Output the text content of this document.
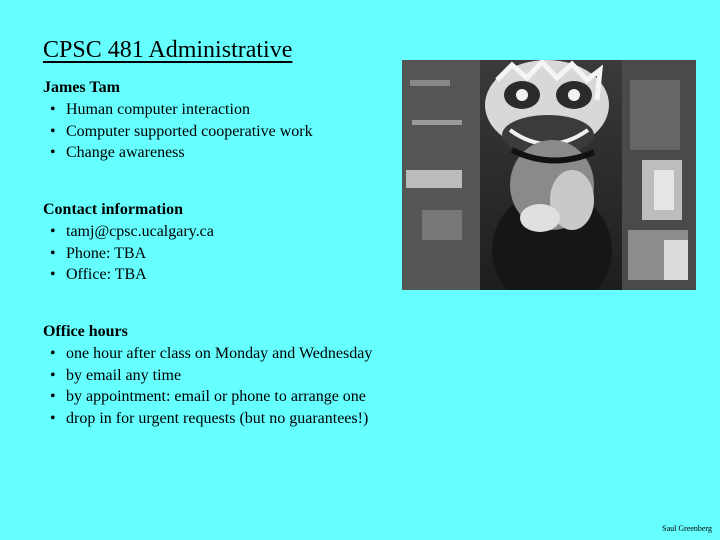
CPSC 481 Administrative
James Tam
• Human computer interaction
• Computer supported cooperative work
• Change awareness
Contact information
• tamj@cpsc.ucalgary.ca
• Phone: TBA
• Office: TBA
Office hours
• one hour after class on Monday and Wednesday
• by email any time
• by appointment: email or phone to arrange one
• drop in for urgent requests (but no guarantees!)
Saul Greenberg
